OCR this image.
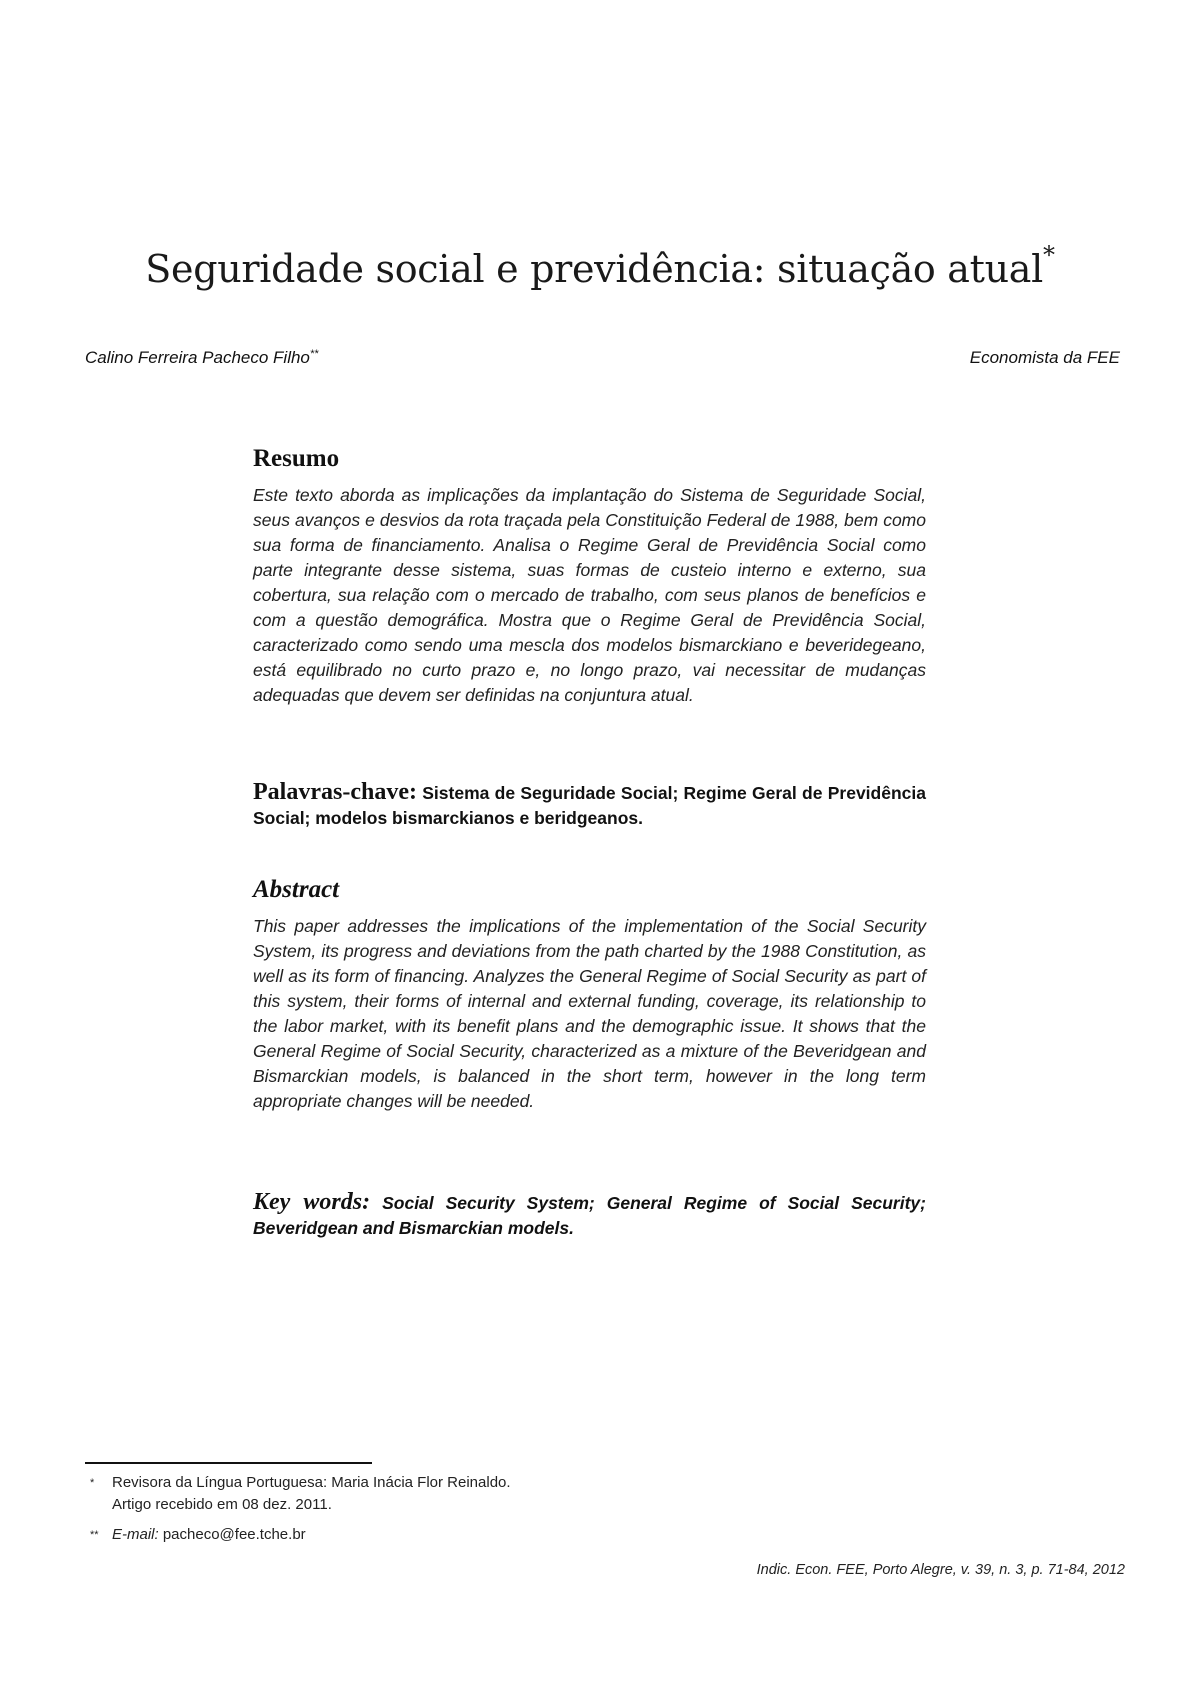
Seguridade social e previdência: situação atual*
Calino Ferreira Pacheco Filho**	Economista da FEE
Resumo

Este texto aborda as implicações da implantação do Sistema de Seguridade Social, seus avanços e desvios da rota traçada pela Constituição Federal de 1988, bem como sua forma de financiamento. Analisa o Regime Geral de Previdência Social como parte integrante desse sistema, suas formas de custeio interno e externo, sua cobertura, sua relação com o mercado de trabalho, com seus planos de benefícios e com a questão demográfica. Mostra que o Regime Geral de Previdência Social, caracterizado como sendo uma mescla dos modelos bismarckiano e beveridegeano, está equilibrado no curto prazo e, no longo prazo, vai necessitar de mudanças adequadas que devem ser definidas na conjuntura atual.

Palavras-chave: Sistema de Seguridade Social; Regime Geral de Previdência Social; modelos bismarckianos e beridgeanos.
Abstract

This paper addresses the implications of the implementation of the Social Security System, its progress and deviations from the path charted by the 1988 Constitution, as well as its form of financing. Analyzes the General Regime of Social Security as part of this system, their forms of internal and external funding, coverage, its relationship to the labor market, with its benefit plans and the demographic issue. It shows that the General Regime of Social Security, characterized as a mixture of the Beveridgean and Bismarckian models, is balanced in the short term, however in the long term appropriate changes will be needed.

Key words: Social Security System; General Regime of Social Security; Beveridgean and Bismarckian models.
*	Revisora da Língua Portuguesa: Maria Inácia Flor Reinaldo.
Artigo recebido em 08 dez. 2011.
** E-mail: pacheco@fee.tche.br
Indic. Econ. FEE, Porto Alegre, v. 39, n. 3, p. 71-84, 2012
